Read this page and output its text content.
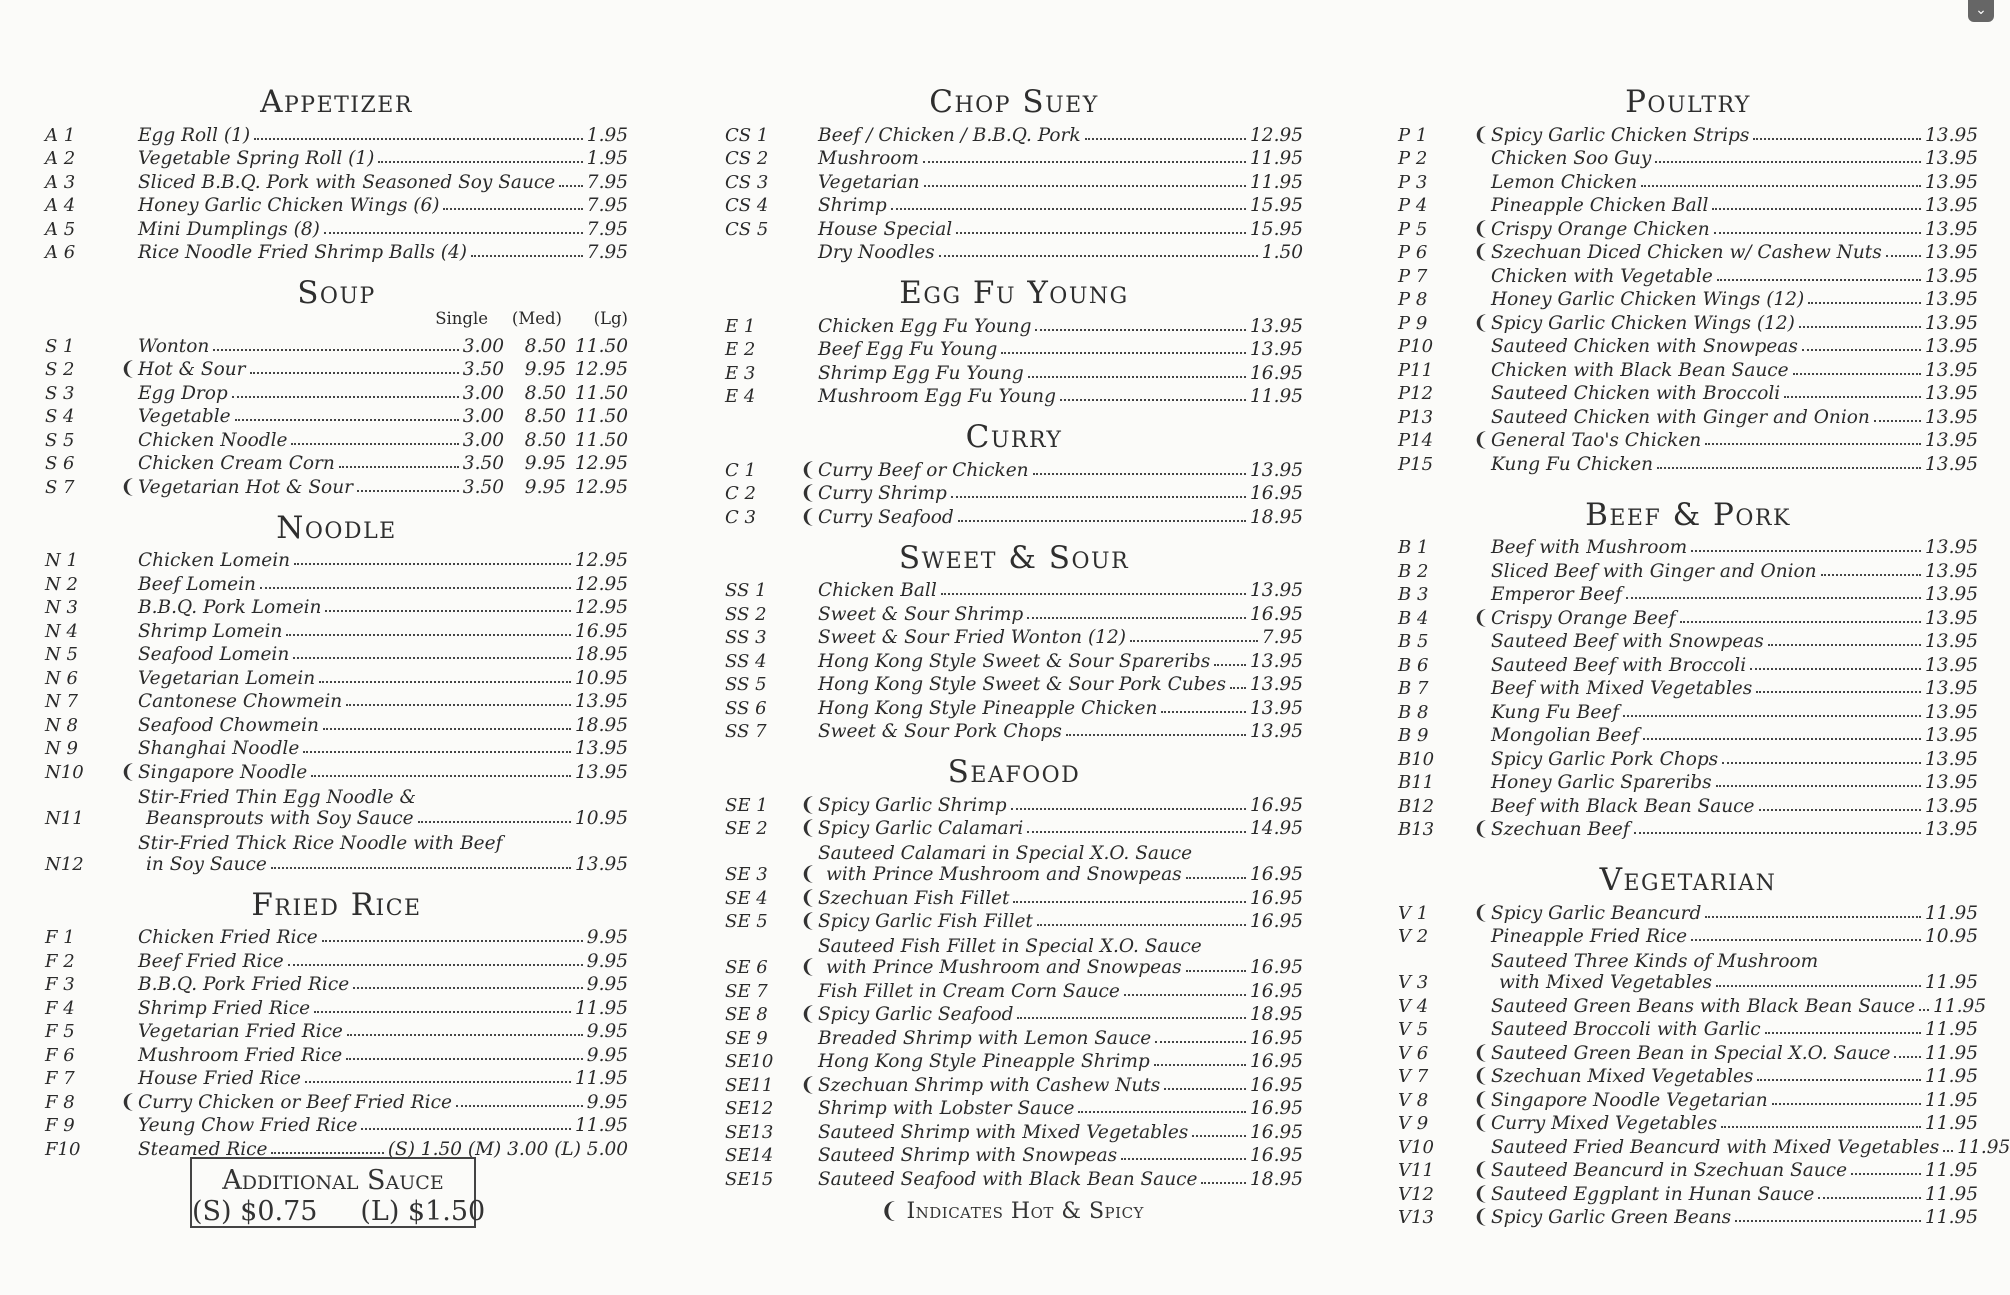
⌄
Appetizer
A 1	Egg Roll (1)	1.95
A 2	Vegetable Spring Roll (1)	1.95
A 3	Sliced B.B.Q. Pork with Seasoned Soy Sauce 7.95
A 4	Honey Garlic Chicken Wings (6)	7.95
A 5	Mini Dumplings (8)	7.95
A 6	Rice Noodle Fried Shrimp Balls (4)	7.95
Soup
Single	(Med)	(Lg)
S 1	Wonton	3.00	8.50 11.50
S 2	❨ Hot & Sour	3.50	9.95 12.95
S 3	Egg Drop	3.00	8.50 11.50
S 4	Vegetable	3.00	8.50 11.50
S 5	Chicken Noodle	3.00	8.50 11.50
S 6	Chicken Cream Corn	3.50	9.95 12.95
S 7	❨ Vegetarian Hot & Sour	3.50	9.95 12.95
Noodle
N 1	Chicken Lomein	12.95
N 2	Beef Lomein	12.95
N 3	B.B.Q. Pork Lomein	12.95
N 4	Shrimp Lomein	16.95
N 5	Seafood Lomein	18.95
N 6	Vegetarian Lomein	10.95
N 7	Cantonese Chowmein	13.95
N 8	Seafood Chowmein	18.95
N 9	Shanghai Noodle	13.95
N10	❨ Singapore Noodle	13.95
N11
Stir-Fried Thin Egg Noodle &
Beansprouts with Soy Sauce	10.95
N12
Stir-Fried Thick Rice Noodle with Beef
in Soy Sauce	13.95
Fried Rice
F 1	Chicken Fried Rice	9.95
F 2	Beef Fried Rice	9.95
F 3	B.B.Q. Pork Fried Rice	9.95
F 4	Shrimp Fried Rice	11.95
F 5	Vegetarian Fried Rice	9.95
F 6	Mushroom Fried Rice	9.95
F 7	House Fried Rice	11.95
F 8	❨ Curry Chicken or Beef Fried Rice	9.95
F 9	Yeung Chow Fried Rice	11.95
F10	Steamed Rice	(S) 1.50 (M) 3.00 (L) 5.00
Additional Sauce
(S) $0.75     (L) $1.50
Chop Suey
CS 1	Beef / Chicken / B.B.Q. Pork	12.95
CS 2	Mushroom	11.95
CS 3	Vegetarian	11.95
CS 4	Shrimp	15.95
CS 5	House Special	15.95
Dry Noodles	1.50
Egg Fu Young
E 1	Chicken Egg Fu Young	13.95
E 2	Beef Egg Fu Young	13.95
E 3	Shrimp Egg Fu Young	16.95
E 4	Mushroom Egg Fu Young	11.95
Curry
C 1	❨ Curry Beef or Chicken	13.95
C 2	❨ Curry Shrimp	16.95
C 3	❨ Curry Seafood	18.95
Sweet & Sour
SS 1	Chicken Ball	13.95
SS 2	Sweet & Sour Shrimp	16.95
SS 3	Sweet & Sour Fried Wonton (12)	7.95
SS 4	Hong Kong Style Sweet & Sour Spareribs 13.95
SS 5	Hong Kong Style Sweet & Sour Pork Cubes 13.95
SS 6	Hong Kong Style Pineapple Chicken	13.95
SS 7	Sweet & Sour Pork Chops	13.95
Seafood
SE 1	❨ Spicy Garlic Shrimp	16.95
SE 2	❨ Spicy Garlic Calamari	14.95
SE 3	❨
Sauteed Calamari in Special X.O. Sauce
with Prince Mushroom and Snowpeas	16.95
SE 4	❨ Szechuan Fish Fillet	16.95
SE 5	❨ Spicy Garlic Fish Fillet	16.95
SE 6	❨
Sauteed Fish Fillet in Special X.O. Sauce
with Prince Mushroom and Snowpeas	16.95
SE 7	Fish Fillet in Cream Corn Sauce	16.95
SE 8	❨ Spicy Garlic Seafood	18.95
SE 9	Breaded Shrimp with Lemon Sauce	16.95
SE10	Hong Kong Style Pineapple Shrimp	16.95
SE11	❨ Szechuan Shrimp with Cashew Nuts	16.95
SE12	Shrimp with Lobster Sauce	16.95
SE13	Sauteed Shrimp with Mixed Vegetables	16.95
SE14	Sauteed Shrimp with Snowpeas	16.95
SE15	Sauteed Seafood with Black Bean Sauce	18.95
❨ Indicates Hot & Spicy
Poultry
P 1	❨ Spicy Garlic Chicken Strips	13.95
P 2	Chicken Soo Guy	13.95
P 3	Lemon Chicken	13.95
P 4	Pineapple Chicken Ball	13.95
P 5	❨ Crispy Orange Chicken	13.95
P 6	❨ Szechuan Diced Chicken w/ Cashew Nuts 13.95
P 7	Chicken with Vegetable	13.95
P 8	Honey Garlic Chicken Wings (12)	13.95
P 9	❨ Spicy Garlic Chicken Wings (12)	13.95
P10	Sauteed Chicken with Snowpeas	13.95
P11	Chicken with Black Bean Sauce	13.95
P12	Sauteed Chicken with Broccoli	13.95
P13	Sauteed Chicken with Ginger and Onion	13.95
P14	❨ General Tao's Chicken	13.95
P15	Kung Fu Chicken	13.95
Beef & Pork
B 1	Beef with Mushroom	13.95
B 2	Sliced Beef with Ginger and Onion	13.95
B 3	Emperor Beef	13.95
B 4	❨ Crispy Orange Beef	13.95
B 5	Sauteed Beef with Snowpeas	13.95
B 6	Sauteed Beef with Broccoli	13.95
B 7	Beef with Mixed Vegetables	13.95
B 8	Kung Fu Beef	13.95
B 9	Mongolian Beef	13.95
B10	Spicy Garlic Pork Chops	13.95
B11	Honey Garlic Spareribs	13.95
B12	Beef with Black Bean Sauce	13.95
B13	❨ Szechuan Beef	13.95
Vegetarian
V 1	❨ Spicy Garlic Beancurd	11.95
V 2	Pineapple Fried Rice	10.95
V 3
Sauteed Three Kinds of Mushroom
with Mixed Vegetables	11.95
V 4	Sauteed Green Beans with Black Bean Sauce 11.95
V 5	Sauteed Broccoli with Garlic	11.95
V 6	❨ Sauteed Green Bean in Special X.O. Sauce 11.95
V 7	❨ Szechuan Mixed Vegetables	11.95
V 8	❨ Singapore Noodle Vegetarian	11.95
V 9	❨ Curry Mixed Vegetables	11.95
V10	Sauteed Fried Beancurd with Mixed Vegetables 11.95
V11	❨ Sauteed Beancurd in Szechuan Sauce	11.95
V12	❨ Sauteed Eggplant in Hunan Sauce	11.95
V13	❨ Spicy Garlic Green Beans	11.95
